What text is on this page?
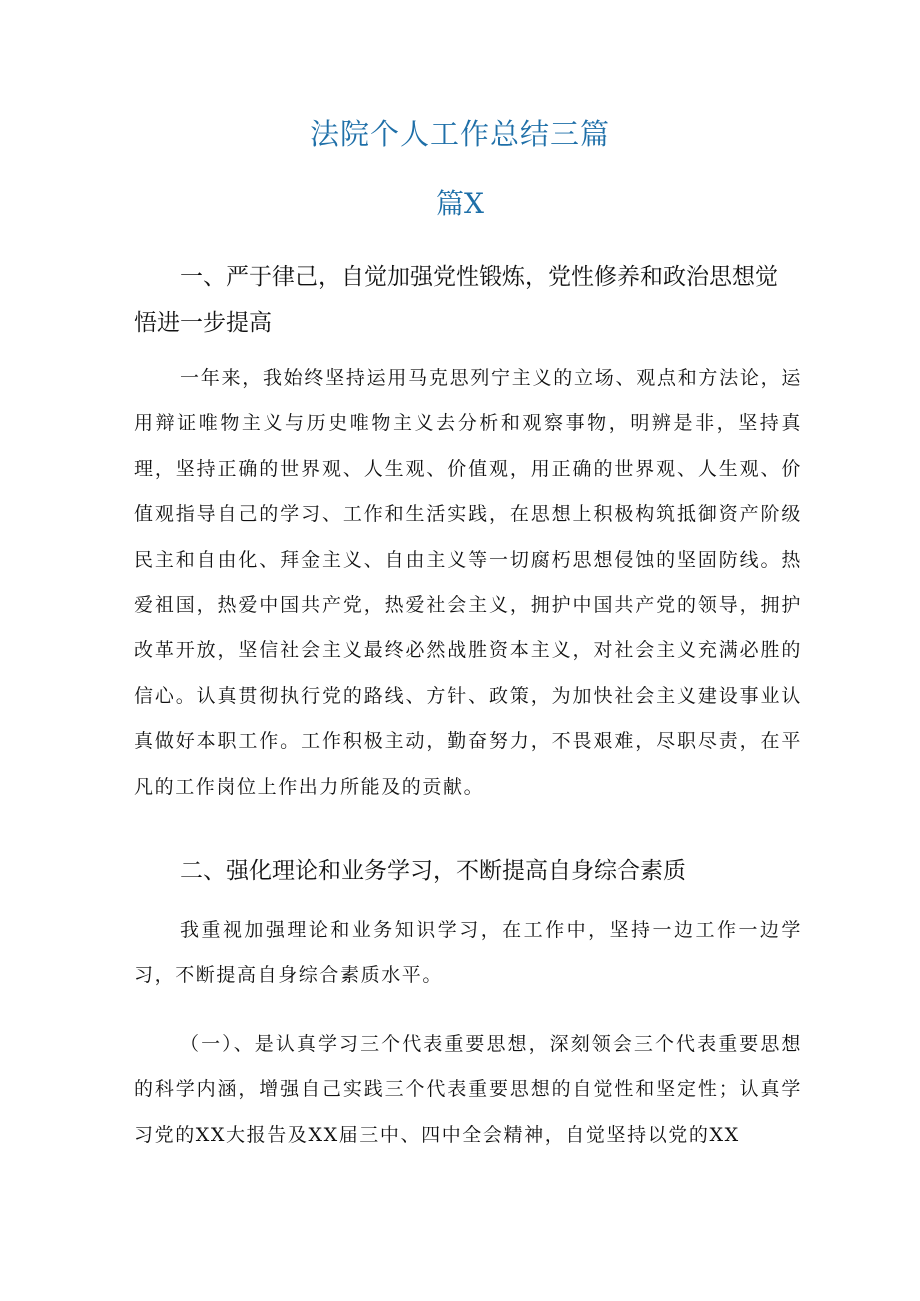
法院个人工作总结三篇
篇X
一、严于律己，自觉加强党性锻炼，党性修养和政治思想觉悟进一步提高

一年来，我始终坚持运用马克思列宁主义的立场、观点和方法论，运用辩证唯物主义与历史唯物主义去分析和观察事物，明辨是非，坚持真理，坚持正确的世界观、人生观、价值观，用正确的世界观、人生观、价值观指导自己的学习、工作和生活实践，在思想上积极构筑抵御资产阶级民主和自由化、拜金主义、自由主义等一切腐朽思想侵蚀的坚固防线。热爱祖国，热爱中国共产党，热爱社会主义，拥护中国共产党的领导，拥护改革开放，坚信社会主义最终必然战胜资本主义，对社会主义充满必胜的信心。认真贯彻执行党的路线、方针、政策，为加快社会主义建设事业认真做好本职工作。工作积极主动，勤奋努力，不畏艰难，尽职尽责，在平凡的工作岗位上作出力所能及的贡献。

二、强化理论和业务学习，不断提高自身综合素质

我重视加强理论和业务知识学习，在工作中，坚持一边工作一边学习，不断提高自身综合素质水平。

（一）、是认真学习三个代表重要思想，深刻领会三个代表重要思想的科学内涵，增强自己实践三个代表重要思想的自觉性和坚定性；认真学习党的XX大报告及XX届三中、四中全会精神，自觉坚持以党的XX
